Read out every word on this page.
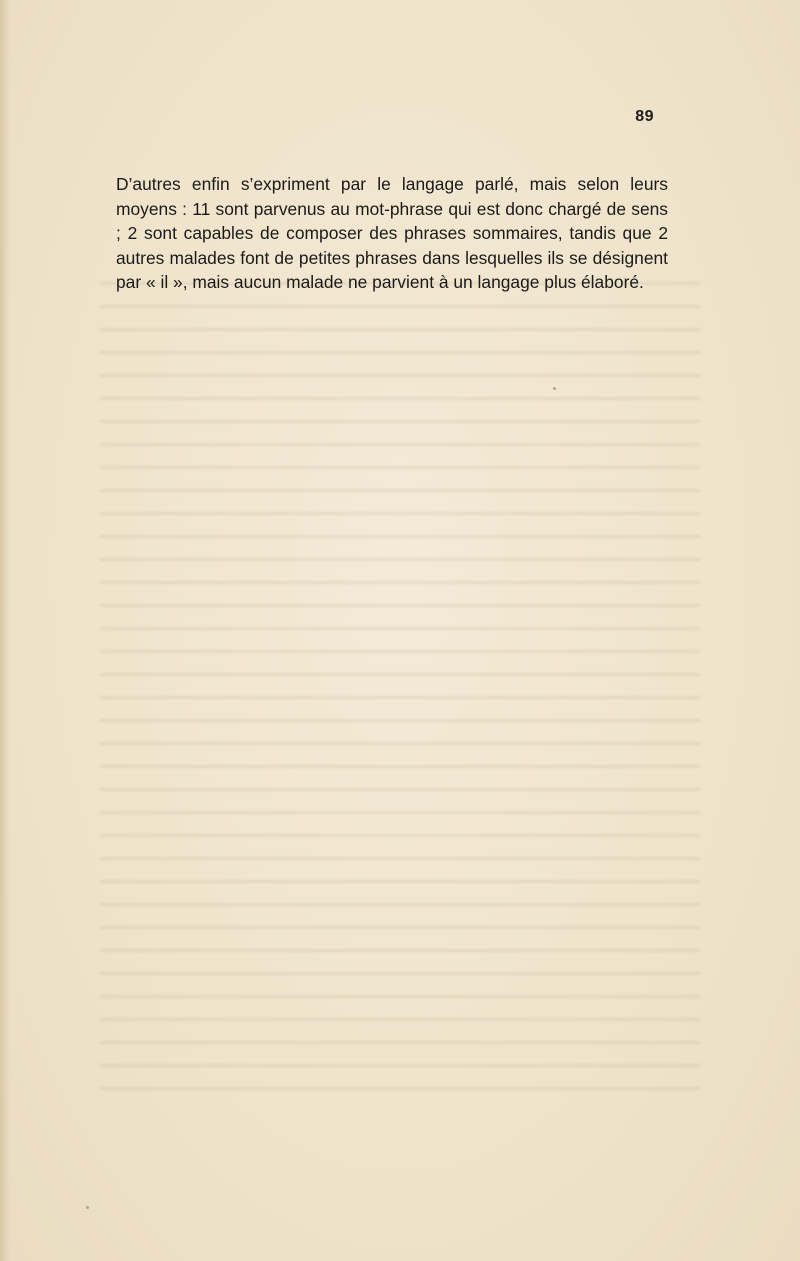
89

D’autres enfin s’expriment par le langage parlé, mais selon leurs moyens : 11 sont parvenus au mot-phrase qui est donc chargé de sens ; 2 sont capables de composer des phrases sommaires, tandis que 2 autres malades font de petites phrases dans lesquelles ils se désignent par « il », mais aucun malade ne parvient à un langage plus élaboré.
